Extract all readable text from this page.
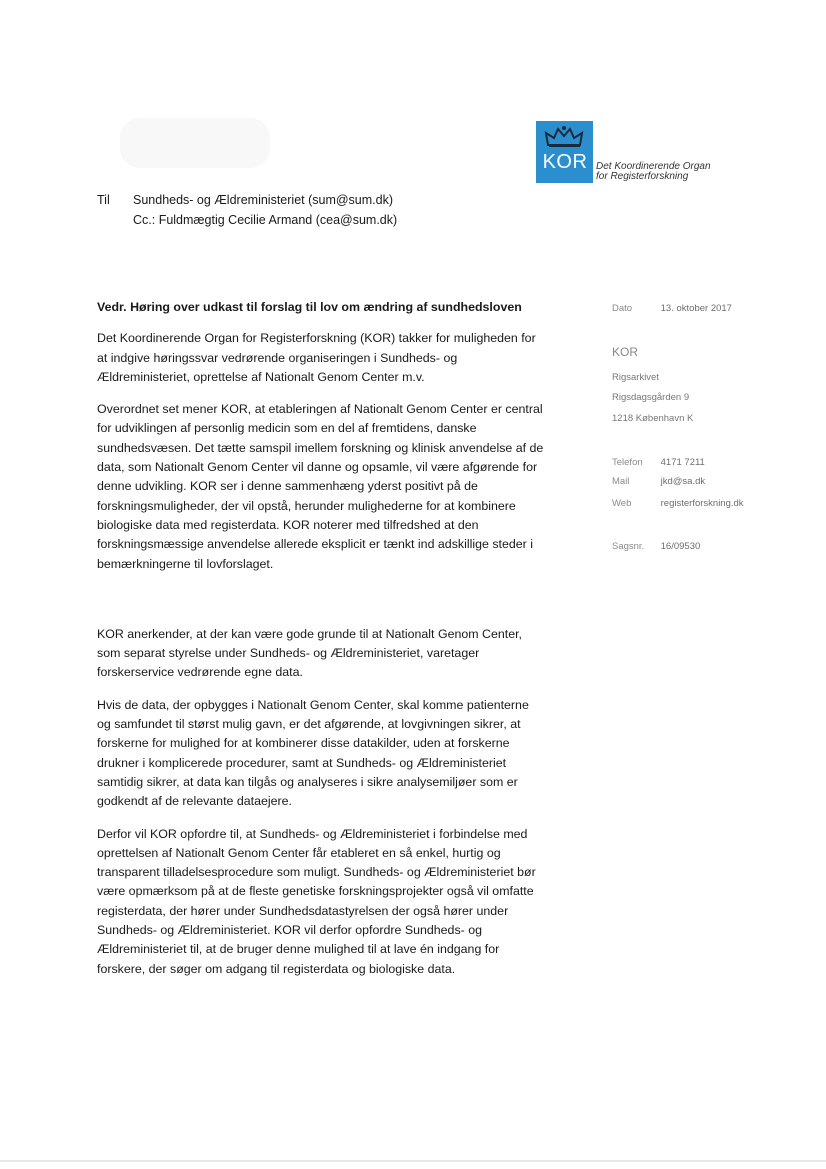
KOR Det Koordinerende Organ
for Registerforskning
Til Sundheds- og Ældreministeriet (sum@sum.dk)
Cc.: Fuldmægtig Cecilie Armand (cea@sum.dk)

Vedr. Høring over udkast til forslag til lov om ændring af sundhedsloven

Det Koordinerende Organ for Registerforskning (KOR) takker for muligheden for at indgive høringssvar vedrørende organiseringen i Sundheds- og Ældreministeriet, oprettelse af Nationalt Genom Center m.v.

Overordnet set mener KOR, at etableringen af Nationalt Genom Center er central for udviklingen af personlig medicin som en del af fremtidens, danske sundhedsvæsen. Det tætte samspil imellem forskning og klinisk anvendelse af de data, som Nationalt Genom Center vil danne og opsamle, vil være afgørende for denne udvikling. KOR ser i denne sammenhæng yderst positivt på de forskningsmuligheder, der vil opstå, herunder mulighederne for at kombinere biologiske data med registerdata. KOR noterer med tilfredshed at den forskningsmæssige anvendelse allerede eksplicit er tænkt ind adskillige steder i bemærkningerne til lovforslaget.

KOR anerkender, at der kan være gode grunde til at Nationalt Genom Center, som separat styrelse under Sundheds- og Ældreministeriet, varetager forskerservice vedrørende egne data.

Hvis de data, der opbygges i Nationalt Genom Center, skal komme patienterne og samfundet til størst mulig gavn, er det afgørende, at lovgivningen sikrer, at forskerne for mulighed for at kombinerer disse datakilder, uden at forskerne drukner i komplicerede procedurer, samt at Sundheds- og Ældreministeriet samtidig sikrer, at data kan tilgås og analyseres i sikre analysemiljøer som er godkendt af de relevante dataejere.

Derfor vil KOR opfordre til, at Sundheds- og Ældreministeriet i forbindelse med oprettelsen af Nationalt Genom Center får etableret en så enkel, hurtig og transparent tilladelsesprocedure som muligt. Sundheds- og Ældreministeriet bør være opmærksom på at de fleste genetiske forskningsprojekter også vil omfatte registerdata, der hører under Sundhedsdatastyrelsen der også hører under Sundheds- og Ældreministeriet. KOR vil derfor opfordre Sundheds- og Ældreministeriet til, at de bruger denne mulighed til at lave én indgang for forskere, der søger om adgang til registerdata og biologiske data.

Dato	13. oktober 2017
KOR
Rigsarkivet
Rigsdagsgården 9
1218 København K
Telefon 4171 7211
Mail	jkd@sa.dk
Web	registerforskning.dk
Sagsnr. 16/09530
